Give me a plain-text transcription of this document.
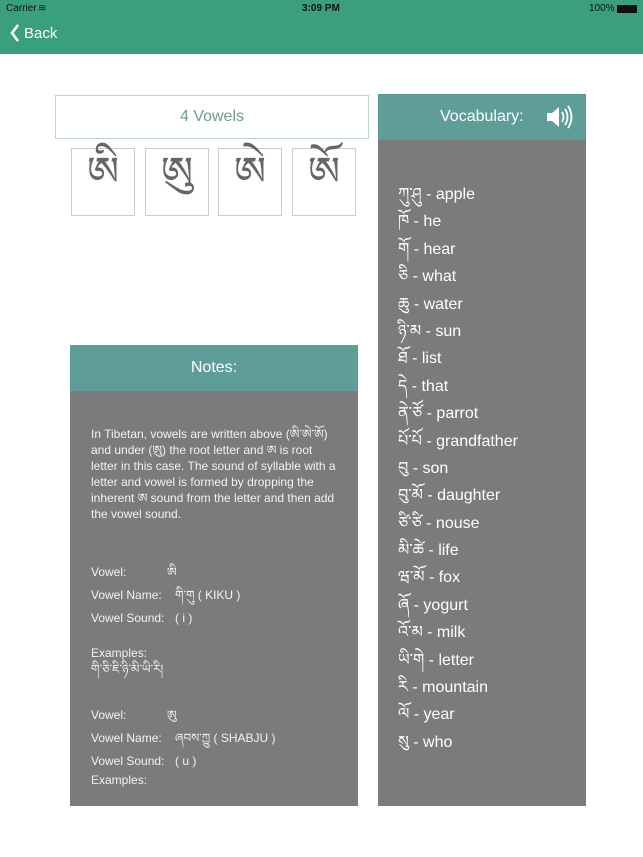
Carrier ≋	3:09 PM	100%
Back
4 Vowels
ཨི	ཨུ	ཨེ	ཨོ
Notes:

In Tibetan, vowels are written above (ཨི་ཨེ་ཨོ) and under (ཨུ) the root letter and ཨ is root letter in this case. The sound of syllable with a letter and vowel is formed by dropping the inherent ཨ sound from the letter and then add the vowel sound.

Vowel:	ཨི
Vowel Name: གི་གུ ( KIKU )
Vowel Sound: ( i )
Examples:
གི་ཅི་ཇི་ཉི་མི་ཡི་རི།
Vowel:	ཨུ
Vowel Name: ཞབས་ཀྱུ ( SHABJU )
Vowel Sound: ( u )
Examples:
Vocabulary:
ཀུ་ཤུ - apple
ཁོ - he
གོ - hear
ཅི - what
ཆུ - water
ཉི་མ - sun
ཐོ - list
དེ - that
ནེ་ཙོ - parrot
པོ་པོ - grandfather
བུ - son
བུ་མོ - daughter
ཙི་ཙི - nouse
མི་ཚེ - life
ཝ་མོ - fox
ཞོ - yogurt
འོ་མ - milk
ཡི་གེ - letter
རི - mountain
ལོ - year
སུ - who
